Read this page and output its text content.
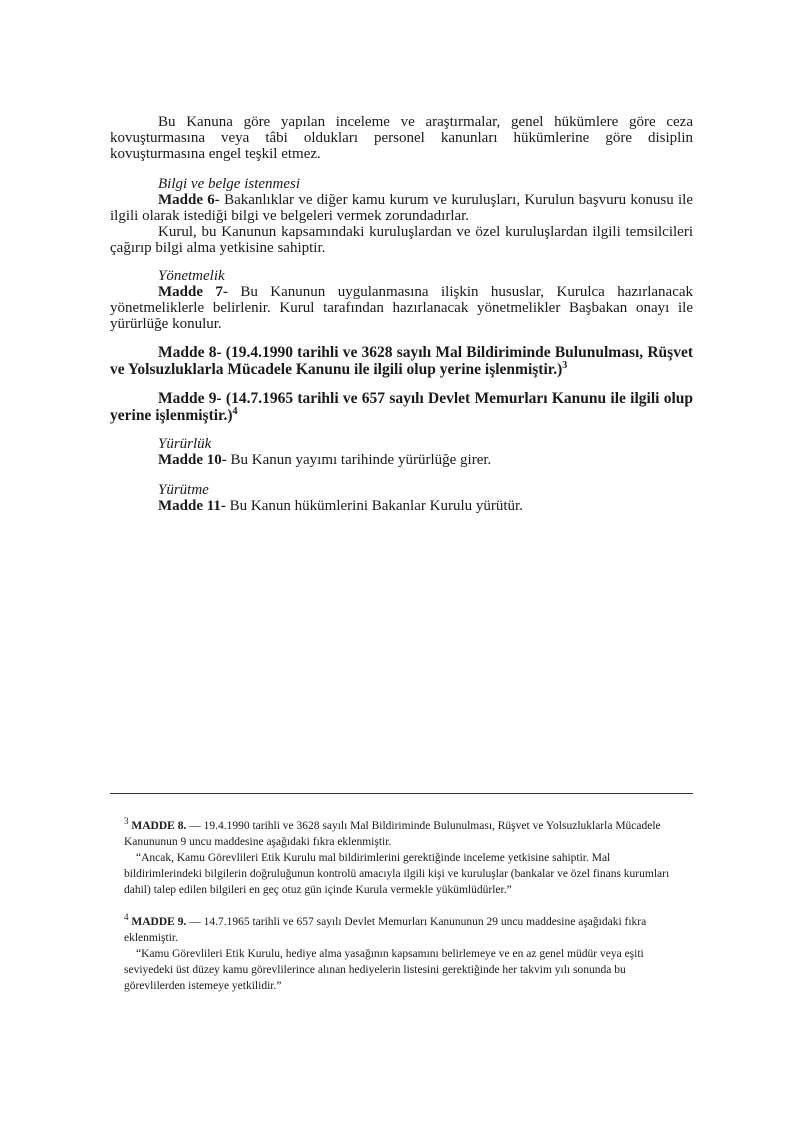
Bu Kanuna göre yapılan inceleme ve araştırmalar, genel hükümlere göre ceza kovuşturmasına veya tâbi oldukları personel kanunları hükümlerine göre disiplin kovuşturmasına engel teşkil etmez.

Bilgi ve belge istenmesi

Madde 6- Bakanlıklar ve diğer kamu kurum ve kuruluşları, Kurulun başvuru konusu ile ilgili olarak istediği bilgi ve belgeleri vermek zorundadırlar.

Kurul, bu Kanunun kapsamındaki kuruluşlardan ve özel kuruluşlardan ilgili temsilcileri çağırıp bilgi alma yetkisine sahiptir.

Yönetmelik

Madde 7- Bu Kanunun uygulanmasına ilişkin hususlar, Kurulca hazırlanacak yönetmeliklerle belirlenir. Kurul tarafından hazırlanacak yönetmelikler Başbakan onayı ile yürürlüğe konulur.

Madde 8- (19.4.1990 tarihli ve 3628 sayılı Mal Bildiriminde Bulunulması, Rüşvet ve Yolsuzluklarla Mücadele Kanunu ile ilgili olup yerine işlenmiştir.)$^3$
Madde 9- (14.7.1965 tarihli ve 657 sayılı Devlet Memurları Kanunu ile ilgili olup yerine işlenmiştir.)$^4$

Yürürlük

Madde 10- Bu Kanun yayımı tarihinde yürürlüğe girer.

Yürütme

Madde 11- Bu Kanun hükümlerini Bakanlar Kurulu yürütür.

$^3$ MADDE 8. — 19.4.1990 tarihli ve 3628 sayılı Mal Bildiriminde Bulunulması, Rüşvet ve Yolsuzluklarla Mücadele Kanununun 9 uncu maddesine aşağıdaki fıkra eklenmiştir.

“Ancak, Kamu Görevlileri Etik Kurulu mal bildirimlerini gerektiğinde inceleme yetkisine sahiptir. Mal bildirimlerindeki bilgilerin doğruluğunun kontrolü amacıyla ilgili kişi ve kuruluşlar (bankalar ve özel finans kurumları dahil) talep edilen bilgileri en geç otuz gün içinde Kurula vermekle yükümlüdürler.”

$^4$ MADDE 9. — 14.7.1965 tarihli ve 657 sayılı Devlet Memurları Kanununun 29 uncu maddesine aşağıdaki fıkra eklenmiştir.

“Kamu Görevlileri Etik Kurulu, hediye alma yasağının kapsamını belirlemeye ve en az genel müdür veya eşiti seviyedeki üst düzey kamu görevlilerince alınan hediyelerin listesini gerektiğinde her takvim yılı sonunda bu görevlilerden istemeye yetkilidir.”
